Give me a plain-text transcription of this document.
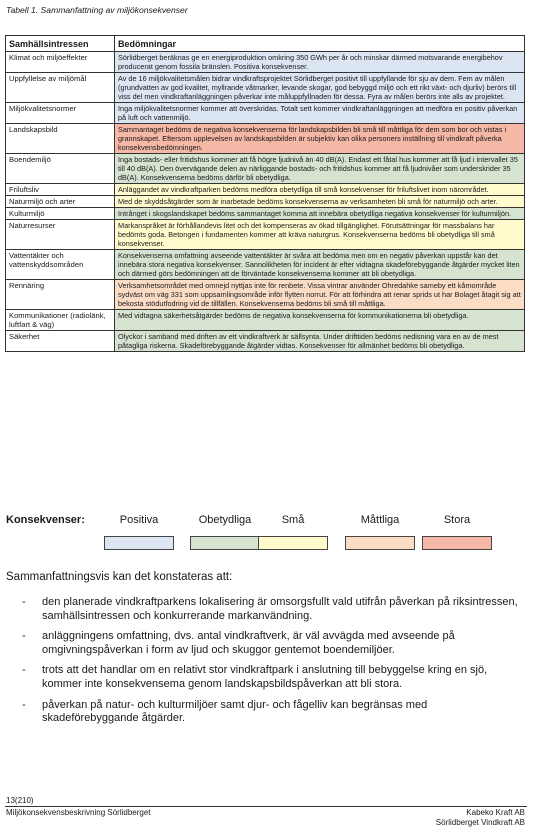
Tabell 1. Sammanfattning av miljökonsekvenser
Samhällsintressen	Bedömningar
Klimat och miljöeffekter	Sörlidberget beräknas ge en energiproduktion omkring 350 GWh per år och minskar därmed motsvarande energibehov producerat genom fossila bränslen. Positiva konsekvenser.
Uppfyllelse av miljömål	Av de 16 miljökvalitetsmålen bidrar vindkraftsprojektet Sörlidberget positivt till uppfyllande för sju av dem. Fem av målen (grundvatten av god kvalitet, myllrande våtmarker, levande skogar, god bebyggd miljö och ett rikt växt- och djurliv) berörs till viss del men vindkraftanläggningen påverkar inte måluppfyllnaden för dessa. Fyra av målen berörs inte alls av projektet.
Miljökvalitetsnormer	Inga miljökvalitetsnormer kommer att överskridas. Totalt sett kommer vindkraftanläggningen att medföra en positiv påverkan på luft och vattenmiljö.
Landskapsbild	Sammantaget bedöms de negativa konsekvenserna för landskapsbilden bli små till måttliga för dem som bor och vistas i grannskapet. Eftersom upplevelsen av landskapsbilden är subjektiv kan olika personers inställning till vindkraft påverka konsekvensbedömningen.
Boendemiljö	Inga bostads- eller fritidshus kommer att få högre ljudnivå än 40 dB(A). Endast ett fåtal hus kommer att få ljud i intervallet 35 till 40 dB(A). Den övervägande delen av närliggande bostads- och fritidshus kommer att få ljudnivåer som underskrider 35 dB(A). Konsekvenserna bedöms därför bli obetydliga.
Friluftsliv	Anläggandet av vindkraftparken bedöms medföra obetydliga till små konsekvenser för friluftslivet inom närområdet.
Naturmiljö och arter	Med de skyddsåtgärder som är inarbetade bedöms konsekvenserna av verksamheten bli små för naturmiljö och arter.
Kulturmiljö	Intrånget i skogslandskapet bedöms sammantaget komma att innebära obetydliga negativa konsekvenser för kulturmiljön.
Naturresurser	Markanspråket är förhållandevis litet och det kompenseras av ökad tillgänglighet. Förutsättningar för massbalans har bedömts goda. Betongen i fundamenten kommer att kräva naturgrus. Konsekvenserna bedöms bli obetydliga till små konsekvenser.
Vattentäkter och vattenskyddsområden	Konsekvenserna omfattning avseende vattentäkter är svåra att bedöma men om en negativ påverkan uppstår kan det innebära stora negativa konsekvenser. Sannolikheten för incident är efter vidtagna skadeförebyggande åtgärder mycket liten och därmed görs bedömningen att de förväntade konsekvenserna kommer att bli obetydliga.
Rennäring	Verksamhetsområdet med omnejd nyttjas inte för renbete. Vissa vintrar använder Ohredahke sameby ett kåmområde sydväst om väg 331 som uppsamlingsområde inför flytten norrut. För att förhindra att renar sprids ut har Bolaget åtagit sig att bekosta stödutfodring vid de tillfällen. Konsekvenserna bedöms bli små till måttliga.
Kommunikationer (radiolänk, luftfart & väg)	Med vidtagna säkerhetsåtgärder bedöms de negativa konsekvenserna för kommunikationerna bli obetydliga.
Säkerhet	Olyckor i samband med driften av ett vindkraftverk är sällsynta. Under drifttiden bedöms nedisning vara en av de mest påtagliga riskerna. Skadeförebyggande åtgärder vidtas. Konsekvenser för allmänhet bedöms bli obetydliga.
Konsekvenser:	Positiva	Obetydliga	Små	Måttliga	Stora
Sammanfattningsvis kan det konstateras att:
- den planerade vindkraftparkens lokalisering är omsorgsfullt vald utifrån påverkan på riksintressen, samhällsintressen och konkurrerande markanvändning.
- anläggningens omfattning, dvs. antal vindkraftverk, är väl avvägda med avseende på omgivningspåverkan i form av ljud och skuggor gentemot boendemiljöer.
- trots att det handlar om en relativt stor vindkraftpark i anslutning till bebyggelse kring en sjö, kommer inte konsekvensema genom landskapsbildspåverkan att bli stora.
- påverkan på natur- och kulturmiljöer samt djur- och fågelliv kan begränsas med skadeförebyggande åtgärder.
13(210)
Miljökonsekvensbeskrivning Sörlidberget	Kabeko Kraft AB
Sörlidberget Vindkraft AB
